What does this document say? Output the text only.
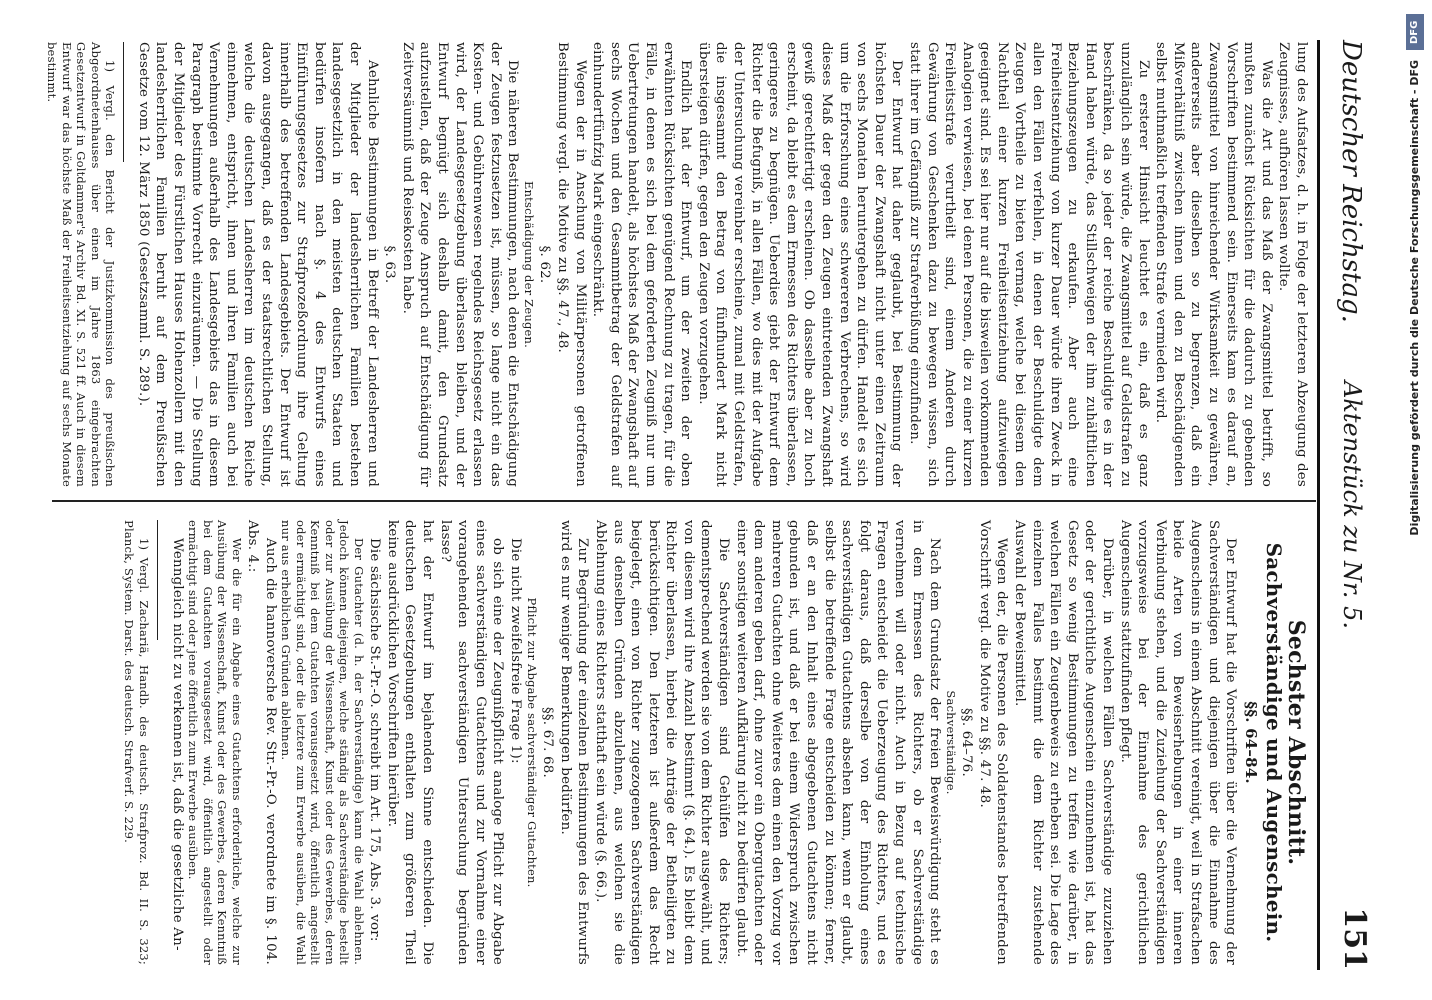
Deutscher Reichstag.
Aktenstück zu Nr. 5.
151

lung des Aufsatzes, d. h. in Folge der letzteren Abzeugung des Zeugnisses, aufhören lassen wollte.

Was die Art und das Maß der Zwangsmittel betrifft, so mußten zunächst Rücksichten für die dadurch zu gebenden Vorschriften bestimmend sein. Einerseits kam es darauf an, Zwangsmittel von hinreichender Wirksamkeit zu gewähren, andererseits aber dieselben so zu begrenzen, daß ein Mißverhältniß zwischen ihnen und den zu Beschädigenden selbst muthmaßlich treffenden Strafe vermieden wird.

Zu ersterer Hinsicht leuchtet es ein, daß es ganz unzulänglich sein würde, die Zwangsmittel auf Geldstrafen zu beschränken, da so jeder der reiche Beschuldigte es in der Hand haben würde, das Stillschweigen der ihm zuhälftlichen Beziehungszeugen zu erkaufen. Aber auch eine Freiheitsentziehung von kurzer Dauer würde ihren Zweck in allen den Fällen verfehlen, in denen der Beschuldigte dem Zeugen Vortheile zu bieten vermag, welche bei diesem den Nachtheil einer kurzen Freiheitsentziehung aufzuwiegen geeignet sind. Es sei hier nur auf die bisweilen vorkommenden Analogien verwiesen, bei denen Personen, die zu einer kurzen Freiheitsstrafe verurtheilt sind, einem Anderen durch Gewährung von Geschenken dazu zu bewegen wissen, sich statt ihrer im Gefängniß zur Strafverbüßung einzufinden.

Der Entwurf hat daher geglaubt, bei Bestimmung der höchsten Dauer der Zwangshaft nicht unter einen Zeitraum von sechs Monaten heruntergehen zu dürfen. Handelt es sich um die Erforschung eines schwereren Verbrechens, so wird dieses Maß der gegen den Zeugen eintretenden Zwangshaft gewiß gerechtfertigt erscheinen. Ob dasselbe aber zu hoch erscheint, da bleibt es dem Ermessen des Richters überlassen, geringeres zu begnügen. Ueberdies giebt der Entwurf dem Richter die Befugniß, in allen Fällen, wo dies mit der Aufgabe der Untersuchung vereinbar erscheine, zumal mit Geldstrafen, die insgesammt den Betrag von fünfhundert Mark nicht übersteigen dürfen, gegen den Zeugen vorzugehen.

Endlich hat der Entwurf, um der zweiten der oben erwähnten Rücksichten genügend Rechnung zu tragen, für die Fälle, in denen es sich bei dem geforderten Zeugniß nur um Uebertretungen handelt, als höchstes Maß der Zwangshaft auf sechs Wochen und den Gesammtbetrag der Geldstrafen auf einhundertfünfzig Mark eingeschränkt.

Wegen der in Anschung von Militärpersonen getroffenen Bestimmung vergl. die Motive zu §§. 47., 48.

§. 62.

Entschädigung der Zeugen.

Die näheren Bestimmungen, nach denen die Entschädigung der Zeugen festzusetzen ist, müssen, so lange nicht ein das Kosten- und Gebührenwesen regelndes Reichsgesetz erlassen wird, der Landesgesetzgebung überlassen bleiben, und der Entwurf begnügt sich deshalb damit, den Grundsatz aufzustellen, daß der Zeuge Anspruch auf Entschädigung für Zeitversäumniß und Reisekosten habe.

§. 63.

Aehnliche Bestimmungen in Betreff der Landesherren und der Mitglieder der landesherrlichen Familien bestehen landesgesetzlich in den meisten deutschen Staaten und bedürfen insofern nach §. 4 des Entwurfs eines Einführungsgesetzes zur Strafprozeßordnung ihre Geltung innerhalb des betreffenden Landesgebiets. Der Entwurf ist davon ausgegangen, daß es der staatsrechtlichen Stellung, welche die deutschen Landesherren im deutschen Reiche einnehmen, entspricht, ihnen und ihren Familien auch bei Vernehmungen außerhalb des Landesgebiets das in diesem Paragraph bestimmte Vorrecht einzuräumen. — Die Stellung der Mitglieder des Fürstlichen Hauses Hohenzollern mit den landesherrlichen Familien beruht auf dem Preußischen Gesetze vom 12. März 1850 (Gesetzsamml. S. 289.).

1) Vergl. den Bericht der Justizkommission des preußischen Abgeordnetenhauses über einen im Jahre 1863 eingebrachten Gesetzentwurf in Goltdammer's Archiv Bd. XI. S. 521 ff. Auch in diesem Entwurf war das höchste Maß der Freiheitsentziehung auf sechs Monate bestimmt.

Sechster Abschnitt.
Sachverständige und Augenschein.
§§. 64–84.

Der Entwurf hat die Vorschriften über die Vernehmung der Sachverständigen und diejenigen über die Einnahme des Augenscheins in einem Abschnitt vereinigt, weil in Strafsachen beide Arten von Beweiserhebungen in einer inneren Verbindung stehen, und die Zuziehung der Sachverständigen vorzugsweise bei der Einnahme des gerichtlichen Augenscheins stattzufinden pflegt.

Darüber, in welchen Fällen Sachverständige zuzuziehen oder der gerichtliche Augenschein einzunehmen ist, hat das Gesetz so wenig Bestimmungen zu treffen wie darüber, in welchen Fällen ein Zeugenbeweis zu erheben sei. Die Lage des einzelnen Falles bestimmt die dem Richter zustehende Auswahl der Beweismittel.

Wegen der, die Personen des Soldatenstandes betreffenden Vorschrift vergl. die Motive zu §§. 47. 48.

§§. 64–76.

Sachverständige.

Nach dem Grundsatz der freien Beweiswürdigung steht es in dem Ermessen des Richters, ob er Sachverständige vernehmen will oder nicht. Auch in Bezug auf technische Fragen entscheidet die Ueberzeugung des Richters, und es folgt daraus, daß derselbe von der Einholung eines sachverständigen Gutachtens absehen kann, wenn er glaubt, selbst die betreffende Frage entscheiden zu können; ferner, daß er an den Inhalt eines abgegebenen Gutachtens nicht gebunden ist, und daß er bei einem Widerspruch zwischen mehreren Gutachten ohne Weiteres dem einen den Vorzug vor dem anderen geben darf, ohne zuvor ein Obergutachten oder einer sonstigen weiteren Aufklärung nicht zu bedürfen glaubt.

Die Sachverständigen sind Gehülfen des Richters; dementsprechend werden sie von dem Richter ausgewählt, und von diesem wird ihre Anzahl bestimmt (§. 64.). Es bleibt dem Richter überlassen, hierbei die Anträge der Betheiligten zu berücksichtigen. Den letzteren ist außerdem das Recht beigelegt, einen von Richter zugezogenen Sachverständigen aus denselben Gründen abzulehnen, aus welchen sie die Ablehnung eines Richters statthaft sein würde (§. 66.).

Zur Begründung der einzelnen Bestimmungen des Entwurfs wird es nur weniger Bemerkungen bedürfen.

§§. 67. 68.

Pflicht zur Abgabe sachverständiger Gutachten.

Die nicht zweifelsfreie Frage 1):

ob sich eine der Zeugnißpflicht analoge Pflicht zur Abgabe eines sachverständigen Gutachtens und zur Vornahme einer vorangehenden sachverständigen Untersuchung begründen lasse?

hat der Entwurf im bejahenden Sinne entschieden. Die deutschen Gesetzgebungen enthalten zum größeren Theil keine ausdrücklichen Vorschriften hierüber.

Die sächsische St.-Pr.-O. schreibt im Art. 175, Abs. 3. vor:

Der Gutachter (d. h. der Sachverständige) kann die Wahl ablehnen. Jedoch können diejenigen, welche ständig als Sachverständige bestellt oder zur Ausübung der Wissenschaft, Kunst oder des Gewerbes, deren Kenntniß bei dem Gutachten vorausgesetzt wird, öffentlich angestellt oder ermächtigt sind, oder die letztere zum Erwerbe ausüben, die Wahl nur aus erheblichen Gründen ablehnen.

Auch die hannoversche Rev. Str.-Pr.-O. verordnete im §. 104. Abs. 4.:

Wer die für ein Abgabe eines Gutachtens erforderliche, welche zur Ausübung der Wissenschaft, Kunst oder des Gewerbes, deren Kenntniß bei dem Gutachten vorausgesetzt wird, öffentlich angestellt oder ermächtigt sind oder jene öffentlich zum Erwerbe ausüben.

Wenngleich nicht zu verkennen ist, daß die gesetzliche An-

1) Vergl. Zachariä, Handb. des deutsch. Strafproz. Bd. II. S. 323; Planck, System. Darst. des deutsch. Strafverf. S. 229.

DFG
Digitalisierung gefördert durch die Deutsche Forschungsgemeinschaft - DFG
